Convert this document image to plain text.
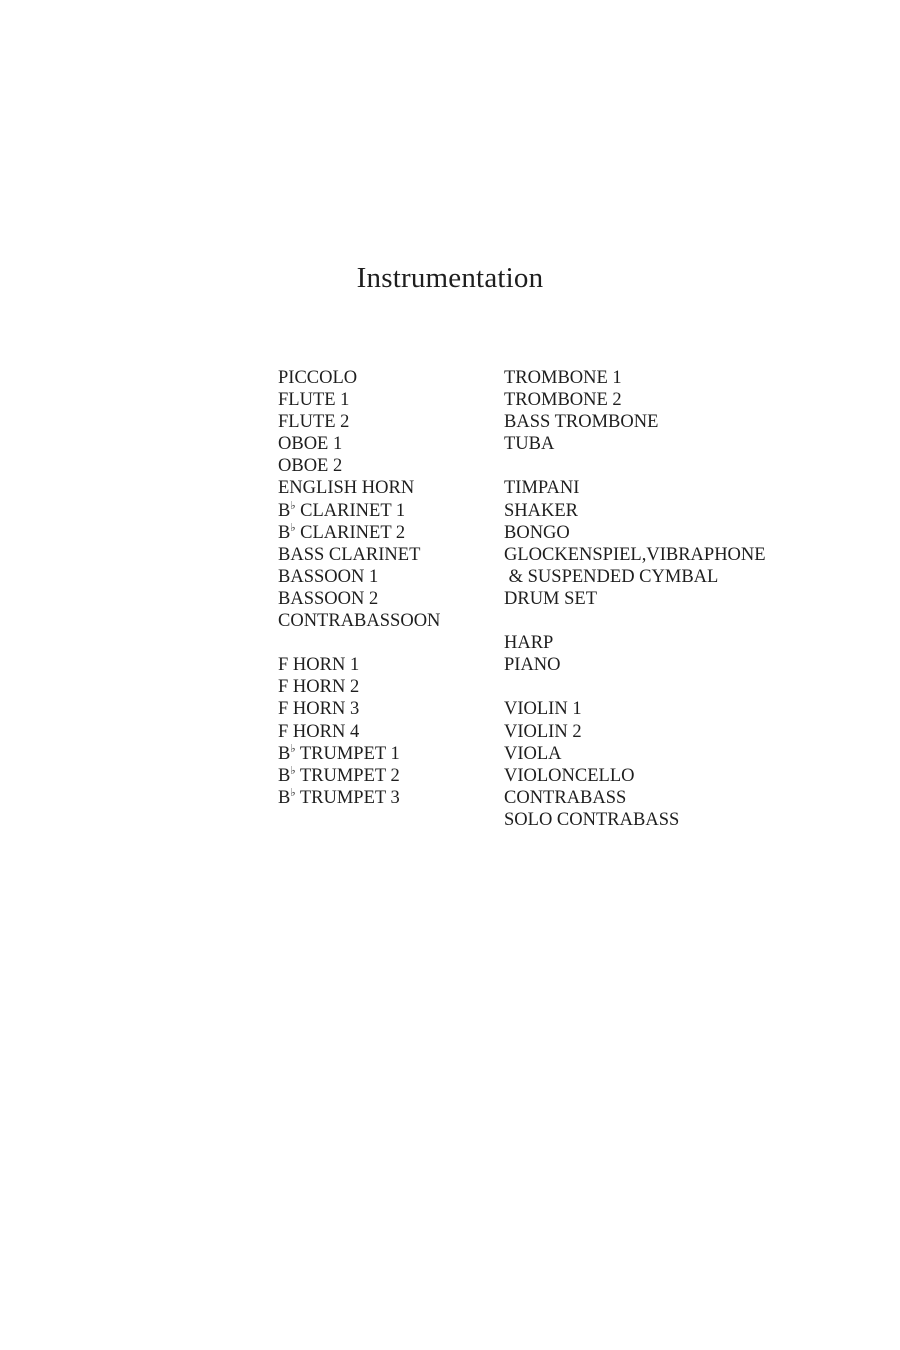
Instrumentation
PICCOLO
FLUTE 1
FLUTE 2
OBOE 1
OBOE 2
ENGLISH HORN
B♭ CLARINET 1
B♭ CLARINET 2
BASS CLARINET
BASSOON 1
BASSOON 2
CONTRABASSOON
F HORN 1
F HORN 2
F HORN 3
F HORN 4
B♭ TRUMPET 1
B♭ TRUMPET 2
B♭ TRUMPET 3
TROMBONE 1
TROMBONE 2
BASS TROMBONE
TUBA
TIMPANI
SHAKER
BONGO
GLOCKENSPIEL,VIBRAPHONE
& SUSPENDED CYMBAL
DRUM SET
HARP
PIANO
VIOLIN 1
VIOLIN 2
VIOLA
VIOLONCELLO
CONTRABASS
SOLO CONTRABASS
